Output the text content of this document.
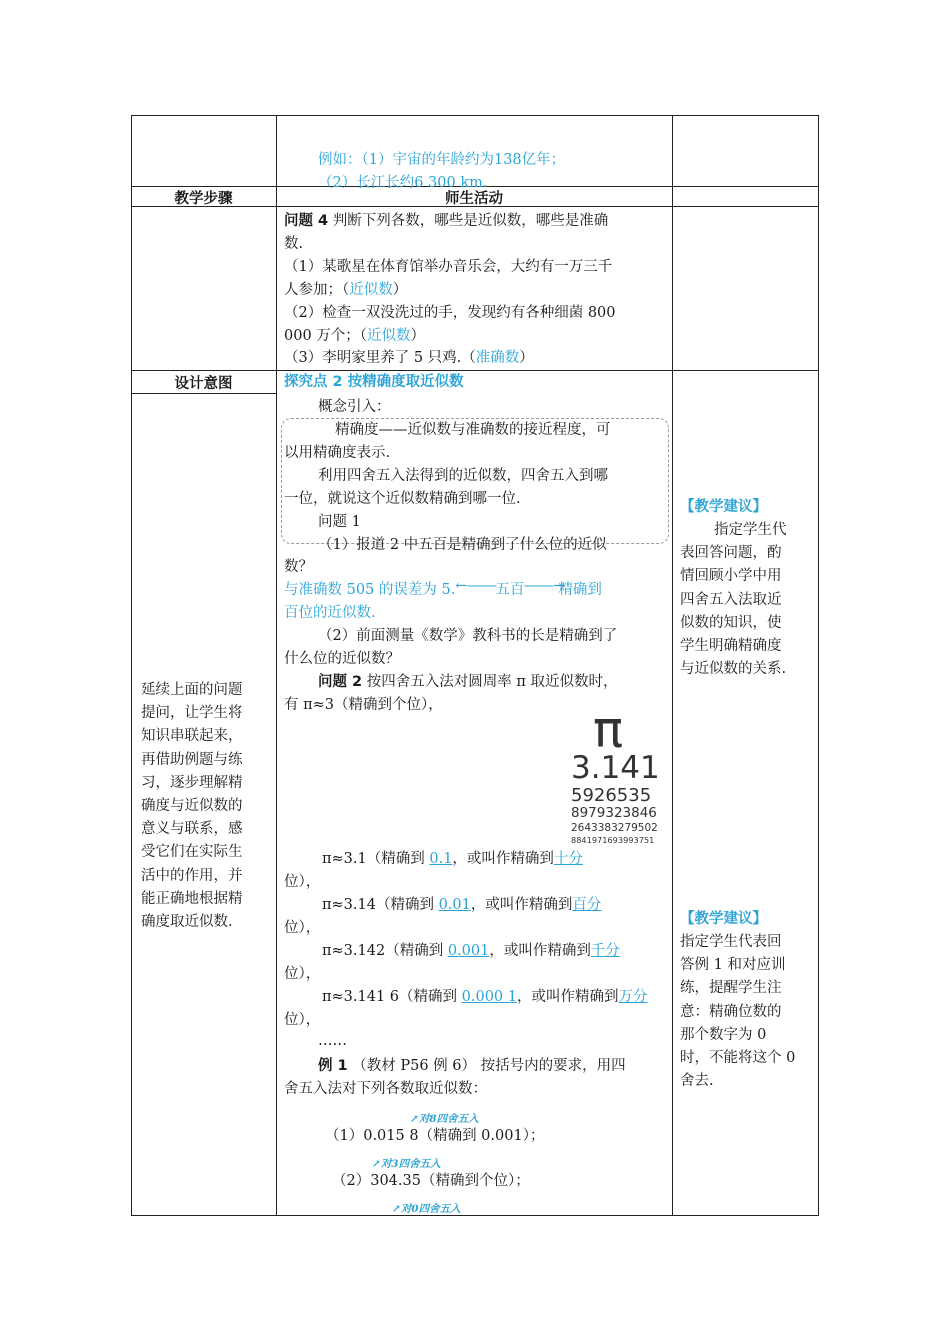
例如：（1）宇宙的年龄约为138亿年；
（2）长江长约6 300 km.
教学步骤	师生活动
问题 4 判断下列各数，哪些是近似数，哪些是准确
数.
（1）某歌星在体育馆举办音乐会，大约有一万三千
人参加；（近似数）
（2）检查一双没洗过的手，发现约有各种细菌 800
000 万个；（近似数）
（3）李明家里养了 5 只鸡.（准确数）
设计意图
延续上面的问题
提问，让学生将
知识串联起来，
再借助例题与练
习，逐步理解精
确度与近似数的
意义与联系，感
受它们在实际生
活中的作用，并
能正确地根据精
确度取近似数.
探究点 2 按精确度取近似数
概念引入：
精确度——近似数与准确数的接近程度，可
以用精确度表示.
利用四舍五入法得到的近似数，四舍五入到哪
一位，就说这个近似数精确到哪一位.
问题 1
（1）报道 2 中五百是精确到了什么位的近似
数？
与准确数 505 的误差为 5.←――五百――→精确到
百位的近似数.
（2）前面测量《数学》教科书的长是精确到了
什么位的近似数？
问题 2 按四舍五入法对圆周率 π 取近似数时，
有 π≈3（精确到个位），	π
3.141
5926535
8979323846
2643383279502
8841971693993751
π≈3.1（精确到 0.1，或叫作精确到十分
位），
π≈3.14（精确到 0.01，或叫作精确到百分
位），
π≈3.142（精确到 0.001，或叫作精确到千分
位），
π≈3.141 6（精确到 0.000 1，或叫作精确到万分
位），
……
例 1 （教材 P56 例 6） 按括号内的要求，用四
舍五入法对下列各数取近似数：
↗对8四舍五入
（1）0.015 8（精确到 0.001）；
↗对3四舍五入
（2）304.35（精确到个位）；
↗对0四舍五入
【教学建议】
指定学生代
表回答问题，酌
情回顾小学中用
四舍五入法取近
似数的知识，使
学生明确精确度
与近似数的关系.
【教学建议】
指定学生代表回
答例 1 和对应训
练，提醒学生注
意：精确位数的
那个数字为 0
时，不能将这个 0
舍去.
